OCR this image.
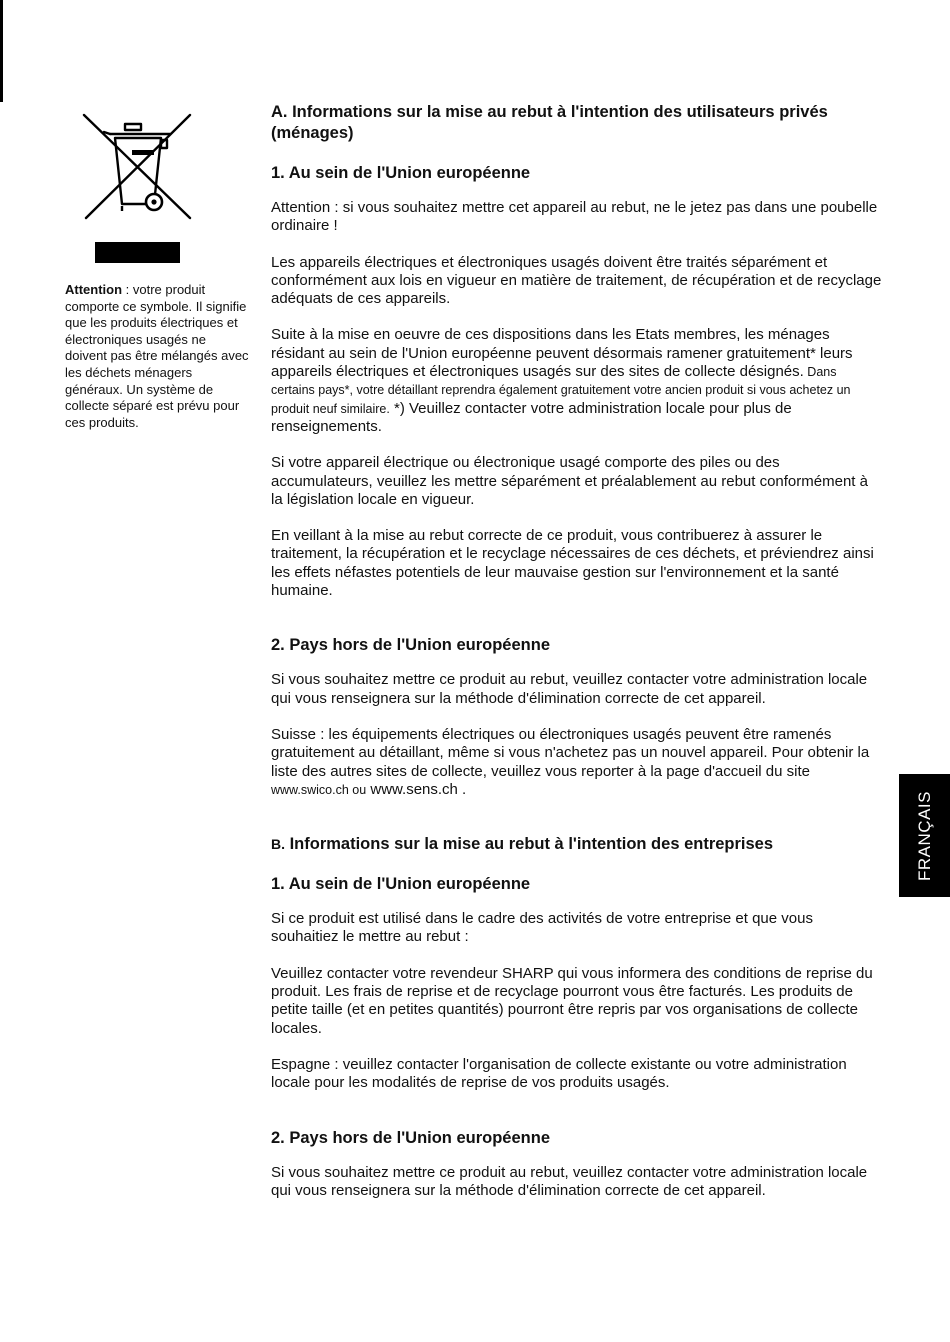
Attention : votre produit comporte ce symbole. Il signifie que les produits électriques et électroniques usagés ne doivent pas être mélangés avec les déchets ménagers généraux. Un système de collecte séparé est prévu pour ces produits.

A. Informations sur la mise au rebut à l'intention des utilisateurs privés (ménages)
1. Au sein de l'Union européenne

Attention : si vous souhaitez mettre cet appareil au rebut, ne le jetez pas dans une poubelle ordinaire !

Les appareils électriques et électroniques usagés doivent être traités séparément et conformément aux lois en vigueur en matière de traitement, de récupération et de recyclage adéquats de ces appareils.

Suite à la mise en oeuvre de ces dispositions dans les Etats membres, les ménages résidant au sein de l'Union européenne peuvent désormais ramener gratuitement* leurs appareils électriques et électroniques usagés sur des sites de collecte désignés. Dans certains pays*, votre détaillant reprendra également gratuitement votre ancien produit si vous achetez un produit neuf similaire. *) Veuillez contacter votre administration locale pour plus de renseignements.

Si votre appareil électrique ou électronique usagé comporte des piles ou des accumulateurs, veuillez les mettre séparément et préalablement au rebut conformément à la législation locale en vigueur.

En veillant à la mise au rebut correcte de ce produit, vous contribuerez à assurer le traitement, la récupération et le recyclage nécessaires de ces déchets, et préviendrez ainsi les effets néfastes potentiels de leur mauvaise gestion sur l'environnement et la santé humaine.

2. Pays hors de l'Union européenne

Si vous souhaitez mettre ce produit au rebut, veuillez contacter votre administration locale qui vous renseignera sur la méthode d'élimination correcte de cet appareil.

Suisse : les équipements électriques ou électroniques usagés peuvent être ramenés gratuitement au détaillant, même si vous n'achetez pas un nouvel appareil. Pour obtenir la liste des autres sites de collecte, veuillez vous reporter à la page d'accueil du site www.swico.ch ou www.sens.ch .

B. Informations sur la mise au rebut à l'intention des entreprises
1. Au sein de l'Union européenne

Si ce produit est utilisé dans le cadre des activités de votre entreprise et que vous souhaitiez le mettre au rebut :

Veuillez contacter votre revendeur SHARP qui vous informera des conditions de reprise du produit. Les frais de reprise et de recyclage pourront vous être facturés. Les produits de petite taille (et en petites quantités) pourront être repris par vos organisations de collecte locales.

Espagne : veuillez contacter l'organisation de collecte existante ou votre administration locale pour les modalités de reprise de vos produits usagés.

2. Pays hors de l'Union européenne

Si vous souhaitez mettre ce produit au rebut, veuillez contacter votre administration locale qui vous renseignera sur la méthode d'élimination correcte de cet appareil.

FRANÇAIS
